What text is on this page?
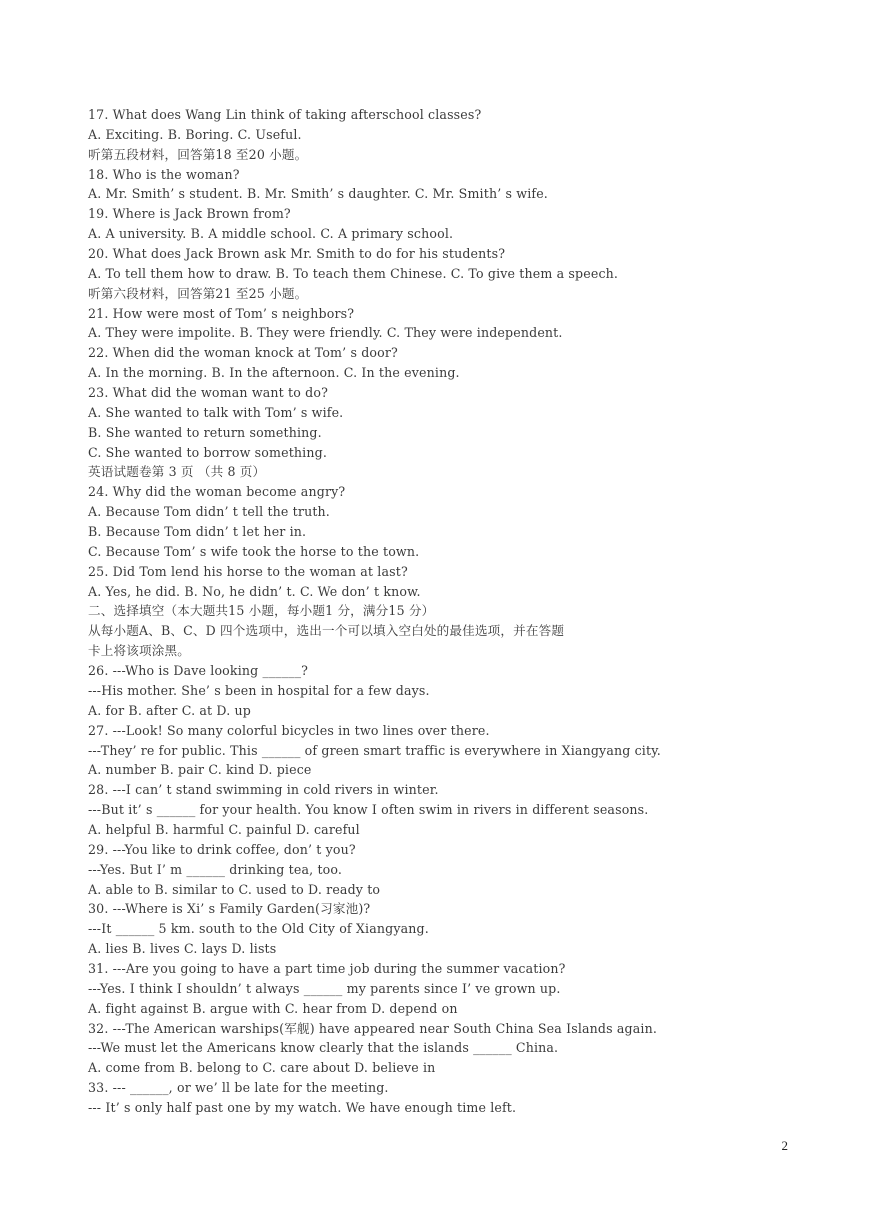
17. What does Wang Lin think of taking afterschool classes?
A. Exciting. B. Boring. C. Useful.
听第五段材料，回答第18 至20 小题。
18. Who is the woman?
A. Mr. Smith’ s student. B. Mr. Smith’ s daughter. C. Mr. Smith’ s wife.
19. Where is Jack Brown from?
A. A university. B. A middle school. C. A primary school.
20. What does Jack Brown ask Mr. Smith to do for his students?
A. To tell them how to draw. B. To teach them Chinese. C. To give them a speech.
听第六段材料，回答第21 至25 小题。
21. How were most of Tom’ s neighbors?
A. They were impolite. B. They were friendly. C. They were independent.
22. When did the woman knock at Tom’ s door?
A. In the morning. B. In the afternoon. C. In the evening.
23. What did the woman want to do?
A. She wanted to talk with Tom’ s wife.
B. She wanted to return something.
C. She wanted to borrow something.
英语试题卷第 3 页 （共 8 页）
24. Why did the woman become angry?
A. Because Tom didn’ t tell the truth.
B. Because Tom didn’ t let her in.
C. Because Tom’ s wife took the horse to the town.
25. Did Tom lend his horse to the woman at last?
A. Yes, he did. B. No, he didn’ t. C. We don’ t know.
二、选择填空（本大题共15 小题，每小题1 分，满分15 分）
从每小题A、B、C、D 四个选项中，选出一个可以填入空白处的最佳选项，并在答题
卡上将该项涂黑。
26. ---Who is Dave looking ______?
---His mother. She’ s been in hospital for a few days.
A. for B. after C. at D. up
27. ---Look! So many colorful bicycles in two lines over there.
---They’ re for public. This ______ of green smart traffic is everywhere in Xiangyang city.
A. number B. pair C. kind D. piece
28. ---I can’ t stand swimming in cold rivers in winter.
---But it’ s ______ for your health. You know I often swim in rivers in different seasons.
A. helpful B. harmful C. painful D. careful
29. ---You like to drink coffee, don’ t you?
---Yes. But I’ m ______ drinking tea, too.
A. able to B. similar to C. used to D. ready to
30. ---Where is Xi’ s Family Garden(习家池)?
---It ______ 5 km. south to the Old City of Xiangyang.
A. lies B. lives C. lays D. lists
31. ---Are you going to have a part time job during the summer vacation?
---Yes. I think I shouldn’ t always ______ my parents since I’ ve grown up.
A. fight against B. argue with C. hear from D. depend on
32. ---The American warships(军舰) have appeared near South China Sea Islands again.
---We must let the Americans know clearly that the islands ______ China.
A. come from B. belong to C. care about D. believe in
33. --- ______, or we’ ll be late for the meeting.
--- It’ s only half past one by my watch. We have enough time left.
2
